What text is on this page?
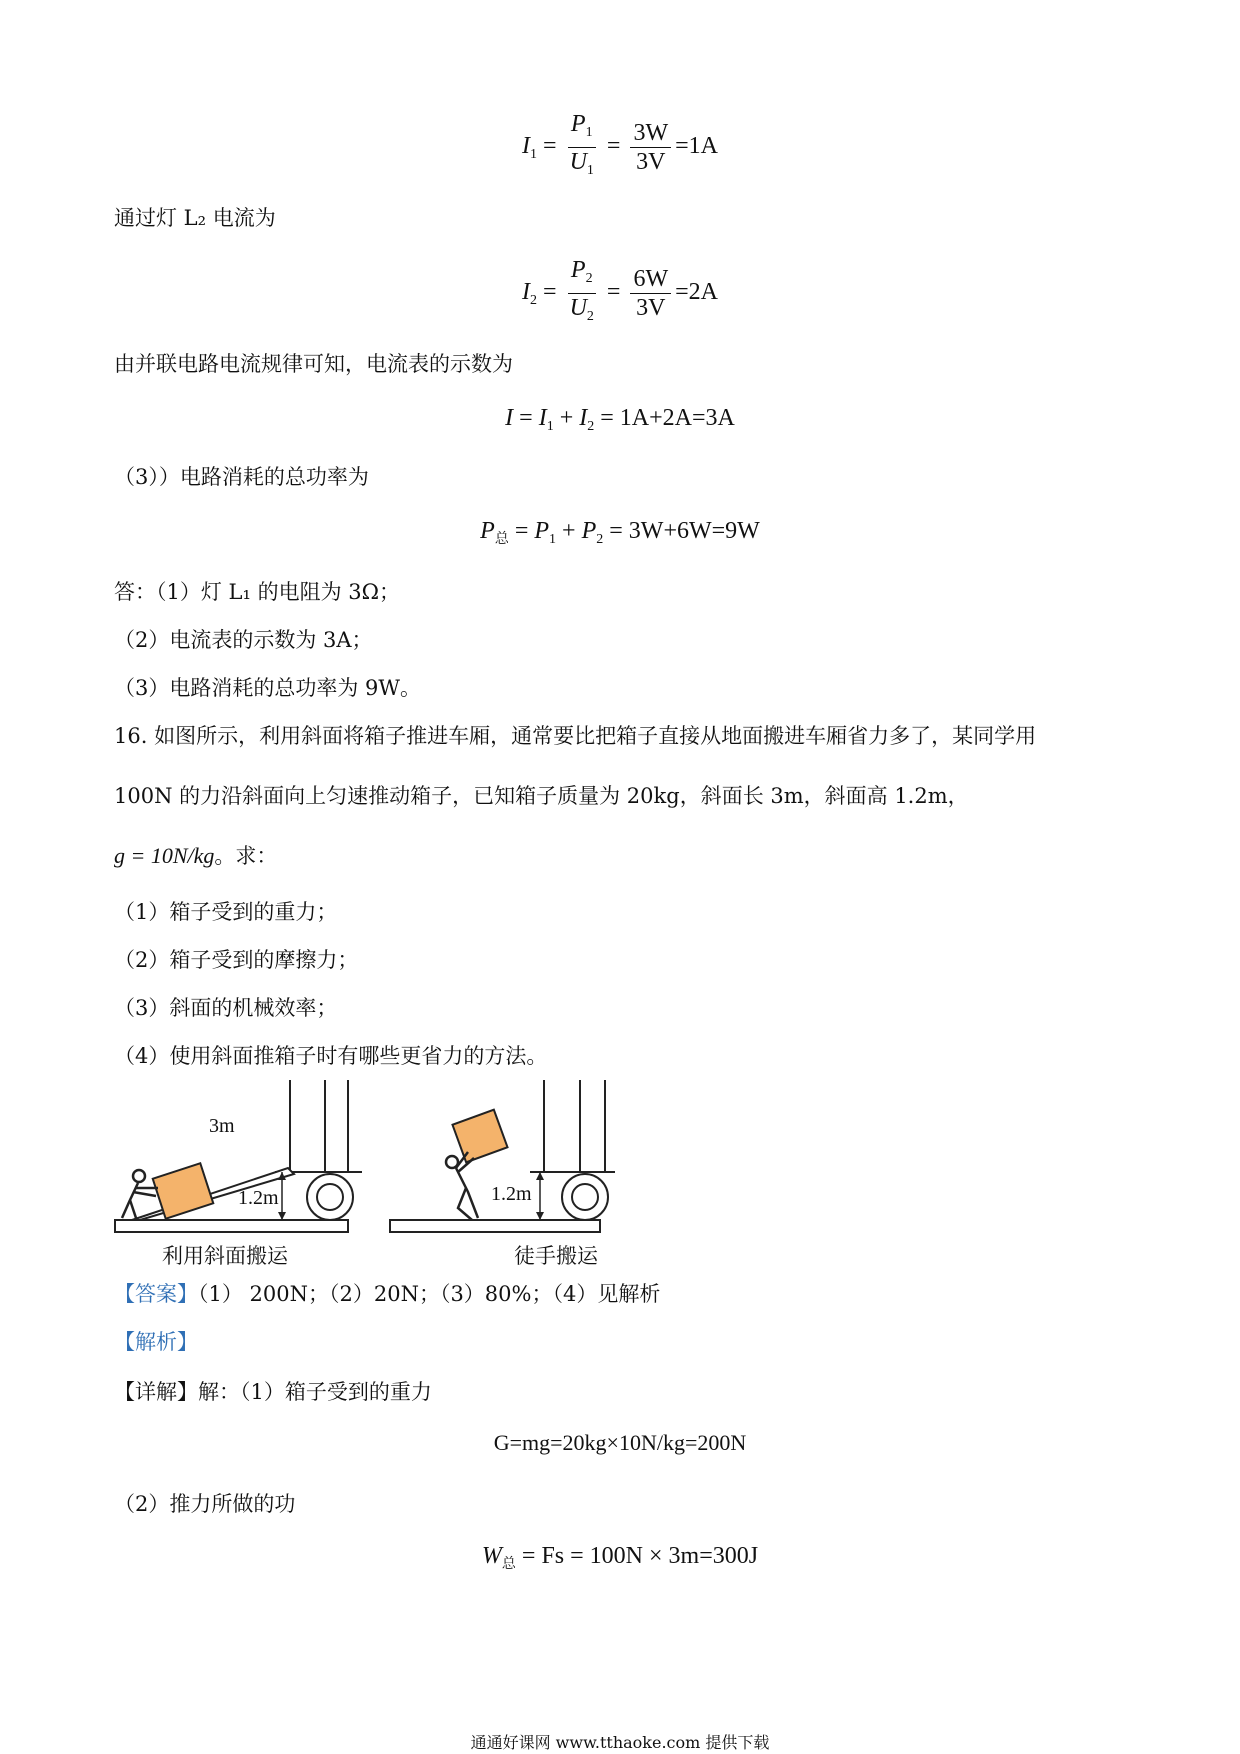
$I_1 = \frac{P_1}{U_1} = \frac{3W}{3V} =1A$
通过灯 L₂ 电流为
$I_2 = \frac{P_2}{U_2} = \frac{6W}{3V} =2A$
由并联电路电流规律可知，电流表的示数为
$I = I_1 + I_2 = 1A+2A=3A$
（3））电路消耗的总功率为
$P_总 = P_1 + P_2 = 3W+6W=9W$
答：（1）灯 L₁ 的电阻为 3Ω；
（2）电流表的示数为 3A；
（3）电路消耗的总功率为 9W。
16. 如图所示，利用斜面将箱子推进车厢，通常要比把箱子直接从地面搬进车厢省力多了，某同学用
100N 的力沿斜面向上匀速推动箱子，已知箱子质量为 20kg，斜面长 3m，斜面高 1.2m，
g = 10N/kg。求：
（1）箱子受到的重力；
（2）箱子受到的摩擦力；
（3）斜面的机械效率；
（4）使用斜面推箱子时有哪些更省力的方法。
3m
1.2m	1.2m
利用斜面搬运	徒手搬运
【答案】（1） 200N；（2）20N；（3）80%；（4）见解析
【解析】
【详解】解：（1）箱子受到的重力
G=mg=20kg×10N/kg=200N
（2）推力所做的功
$W_总 = Fs = 100N \times 3m=300J$
通通好课网 www.tthaoke.com 提供下载
